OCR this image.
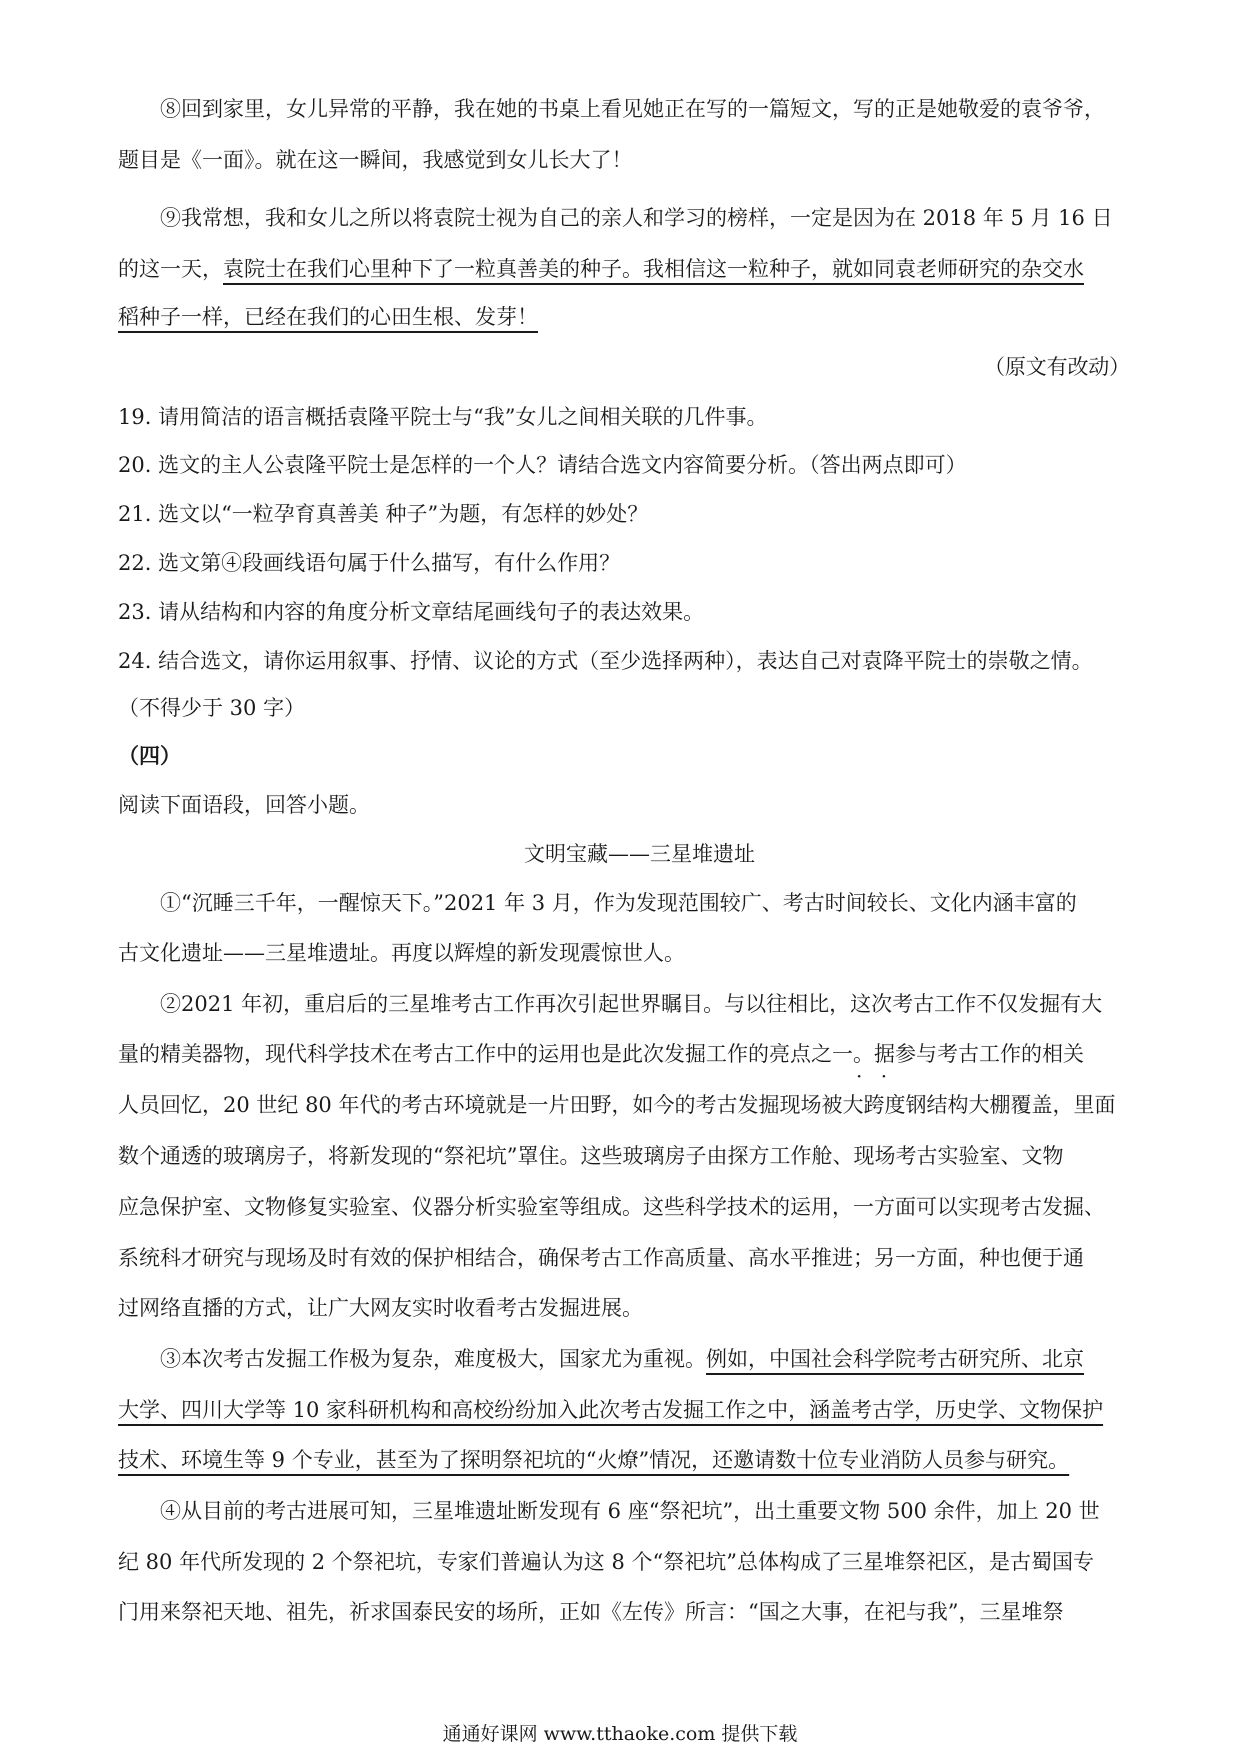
⑧回到家里，女儿异常的平静，我在她的书桌上看见她正在写的一篇短文，写的正是她敬爱的袁爷爷，
题目是《一面》。就在这一瞬间，我感觉到女儿长大了！
⑨我常想，我和女儿之所以将袁院士视为自己的亲人和学习的榜样，一定是因为在 2018 年 5 月 16 日
的这一天，袁院士在我们心里种下了一粒真善美的种子。我相信这一粒种子，就如同袁老师研究的杂交水
稻种子一样，已经在我们的心田生根、发芽！
（原文有改动）
19. 请用简洁的语言概括袁隆平院士与“我”女儿之间相关联的几件事。
20. 选文的主人公袁隆平院士是怎样的一个人？请结合选文内容简要分析。（答出两点即可）
21. 选文以“一粒孕育真善美 种子”为题，有怎样的妙处？
22. 选文第④段画线语句属于什么描写，有什么作用？
23. 请从结构和内容的角度分析文章结尾画线句子的表达效果。
24. 结合选文，请你运用叙事、抒情、议论的方式（至少选择两种），表达自己对袁降平院士的崇敬之情。
（不得少于 30 字）
（四）
阅读下面语段，回答小题。
文明宝藏——三星堆遗址
①“沉睡三千年，一醒惊天下。”2021 年 3 月，作为发现范围较广、考古时间较长、文化内涵丰富的
古文化遗址——三星堆遗址。再度以辉煌的新发现震惊世人。
②2021 年初，重启后的三星堆考古工作再次引起世界瞩目。与以往相比，这次考古工作不仅发掘有大
量的精美器物，现代科学技术在考古工作中的运用也是此次发掘工作的亮点之一。据参与考古工作的相关
· ·
人员回忆，20 世纪 80 年代的考古环境就是一片田野，如今的考古发掘现场被大跨度钢结构大棚覆盖，里面
数个通透的玻璃房子，将新发现的“祭祀坑”罩住。这些玻璃房子由探方工作舱、现场考古实验室、文物
应急保护室、文物修复实验室、仪器分析实验室等组成。这些科学技术的运用，一方面可以实现考古发掘、
系统科才研究与现场及时有效的保护相结合，确保考古工作高质量、高水平推进；另一方面，种也便于通
过网络直播的方式，让广大网友实时收看考古发掘进展。
③本次考古发掘工作极为复杂，难度极大，国家尤为重视。例如，中国社会科学院考古研究所、北京
大学、四川大学等 10 家科研机构和高校纷纷加入此次考古发掘工作之中，涵盖考古学，历史学、文物保护
技术、环境生等 9 个专业，甚至为了探明祭祀坑的“火燎”情况，还邀请数十位专业消防人员参与研究。
④从目前的考古进展可知，三星堆遗址断发现有 6 座“祭祀坑”，出土重要文物 500 余件，加上 20 世
纪 80 年代所发现的 2 个祭祀坑，专家们普遍认为这 8 个“祭祀坑”总体构成了三星堆祭祀区，是古蜀国专
门用来祭祀天地、祖先，祈求国泰民安的场所，正如《左传》所言：“国之大事，在祀与我”，三星堆祭
通通好课网 www.tthaoke.com 提供下载
